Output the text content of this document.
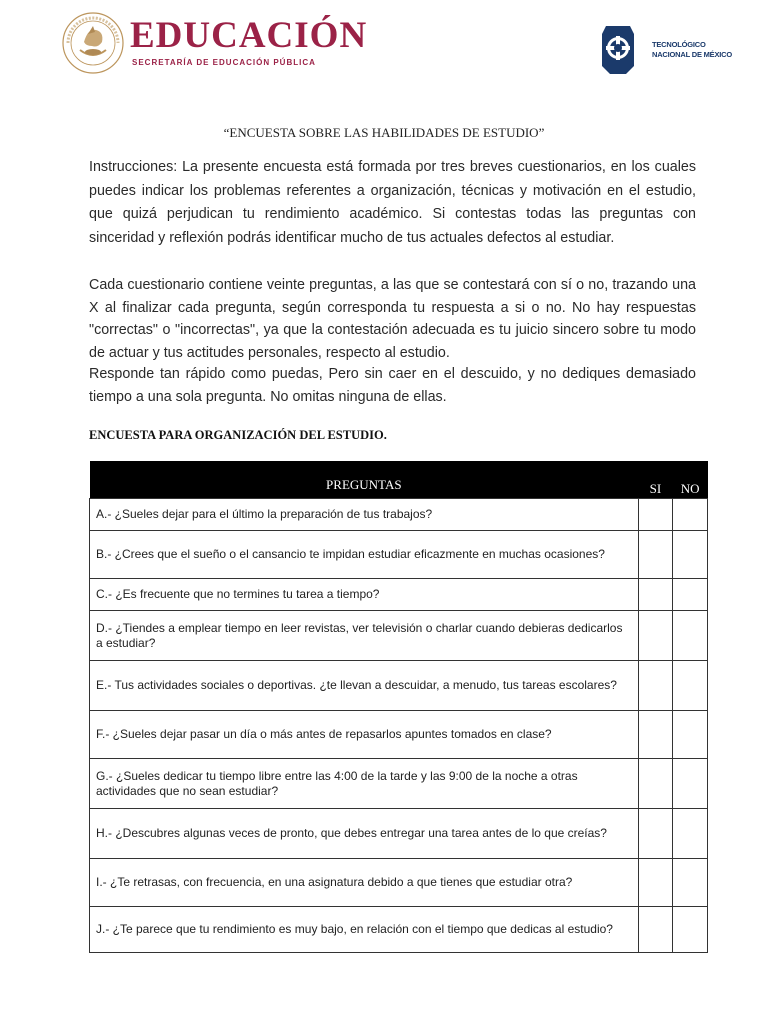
EDUCACIÓN
SECRETARÍA DE EDUCACIÓN PÚBLICA
TECNOLÓGICO
NACIONAL DE MÉXICO
“ENCUESTA SOBRE LAS HABILIDADES DE ESTUDIO”

Instrucciones: La presente encuesta está formada por tres breves cuestionarios, en los cuales puedes indicar los problemas referentes a organización, técnicas y motivación en el estudio, que quizá perjudican tu rendimiento académico. Si contestas todas las preguntas con sinceridad y reflexión podrás identificar mucho de tus actuales defectos al estudiar.

Cada cuestionario contiene veinte preguntas, a las que se contestará con sí o no, trazando una X al finalizar cada pregunta, según corresponda tu respuesta a si o no. No hay respuestas "correctas" o "incorrectas", ya que la contestación adecuada es tu juicio sincero sobre tu modo de actuar y tus actitudes personales, respecto al estudio.

Responde tan rápido como puedas, Pero sin caer en el descuido, y no dediques demasiado tiempo a una sola pregunta. No omitas ninguna de ellas.

ENCUESTA PARA ORGANIZACIÓN DEL ESTUDIO.
PREGUNTAS	SI	NO
A.- ¿Sueles dejar para el último la preparación de tus trabajos?		
B.- ¿Crees que el sueño o el cansancio te impidan estudiar eficazmente en muchas ocasiones?		
C.- ¿Es frecuente que no termines tu tarea a tiempo?		
D.- ¿Tiendes a emplear tiempo en leer revistas, ver televisión o charlar cuando debieras dedicarlos a estudiar?		
E.- Tus actividades sociales o deportivas. ¿te llevan a descuidar, a menudo, tus tareas escolares?		
F.- ¿Sueles dejar pasar un día o más antes de repasarlos apuntes tomados en clase?		
G.- ¿Sueles dedicar tu tiempo libre entre las 4:00 de la tarde y las 9:00 de la noche a otras actividades que no sean estudiar?		
H.- ¿Descubres algunas veces de pronto, que debes entregar una tarea antes de lo que creías?		
I.- ¿Te retrasas, con frecuencia, en una asignatura debido a que tienes que estudiar otra?		
J.- ¿Te parece que tu rendimiento es muy bajo, en relación con el tiempo que dedicas al estudio?		
